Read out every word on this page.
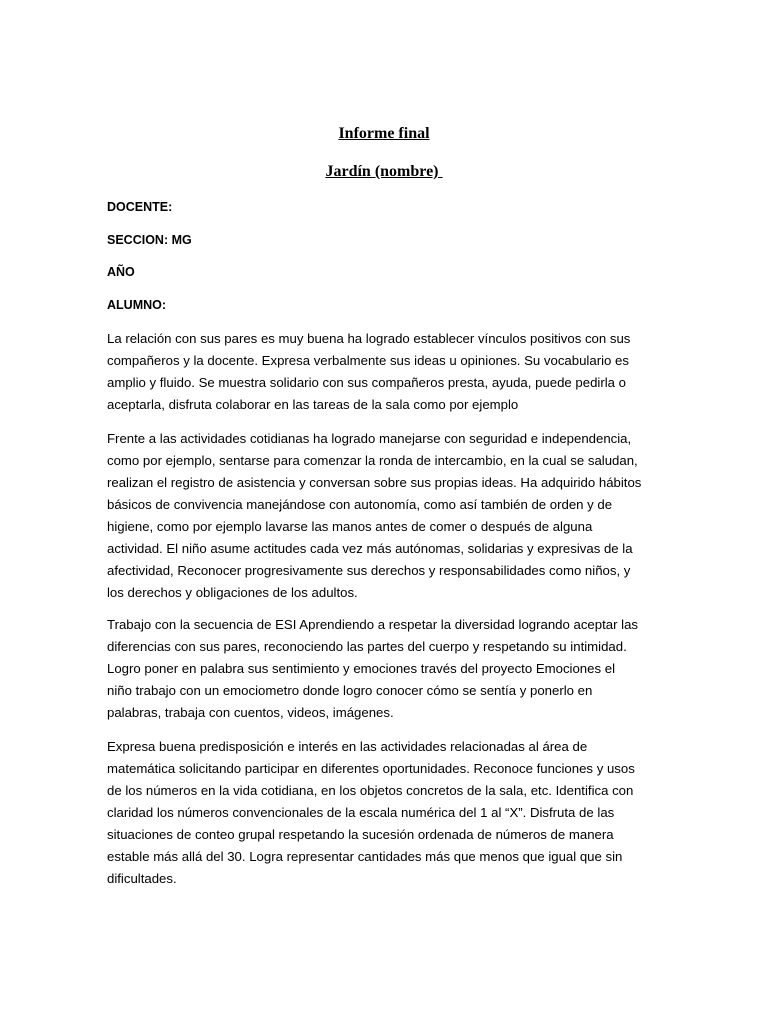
Informe final
Jardín (nombre)

DOCENTE:

SECCION: MG

AÑO

ALUMNO:

La relación con sus pares es muy buena ha logrado establecer vínculos positivos con sus
compañeros y la docente. Expresa verbalmente sus ideas u opiniones. Su vocabulario es
amplio y fluido. Se muestra solidario con sus compañeros presta, ayuda, puede pedirla o
aceptarla, disfruta colaborar en las tareas de la sala como por ejemplo

Frente a las actividades cotidianas ha logrado manejarse con seguridad e independencia,
como por ejemplo, sentarse para comenzar la ronda de intercambio, en la cual se saludan,
realizan el registro de asistencia y conversan sobre sus propias ideas. Ha adquirido hábitos
básicos de convivencia manejándose con autonomía, como así también de orden y de
higiene, como por ejemplo lavarse las manos antes de comer o después de alguna
actividad. El niño asume actitudes cada vez más autónomas, solidarias y expresivas de la
afectividad, Reconocer progresivamente sus derechos y responsabilidades como niños, y
los derechos y obligaciones de los adultos.

Trabajo con la secuencia de ESI Aprendiendo a respetar la diversidad logrando aceptar las
diferencias con sus pares, reconociendo las partes del cuerpo y respetando su intimidad.
Logro poner en palabra sus sentimiento y emociones través del proyecto Emociones el
niño trabajo con un emociometro donde logro conocer cómo se sentía y ponerlo en
palabras, trabaja con cuentos, videos, imágenes.

Expresa buena predisposición e interés en las actividades relacionadas al área de
matemática solicitando participar en diferentes oportunidades. Reconoce funciones y usos
de los números en la vida cotidiana, en los objetos concretos de la sala, etc. Identifica con
claridad los números convencionales de la escala numérica del 1 al “X”. Disfruta de las
situaciones de conteo grupal respetando la sucesión ordenada de números de manera
estable más allá del 30. Logra representar cantidades más que menos que igual que sin
dificultades.
